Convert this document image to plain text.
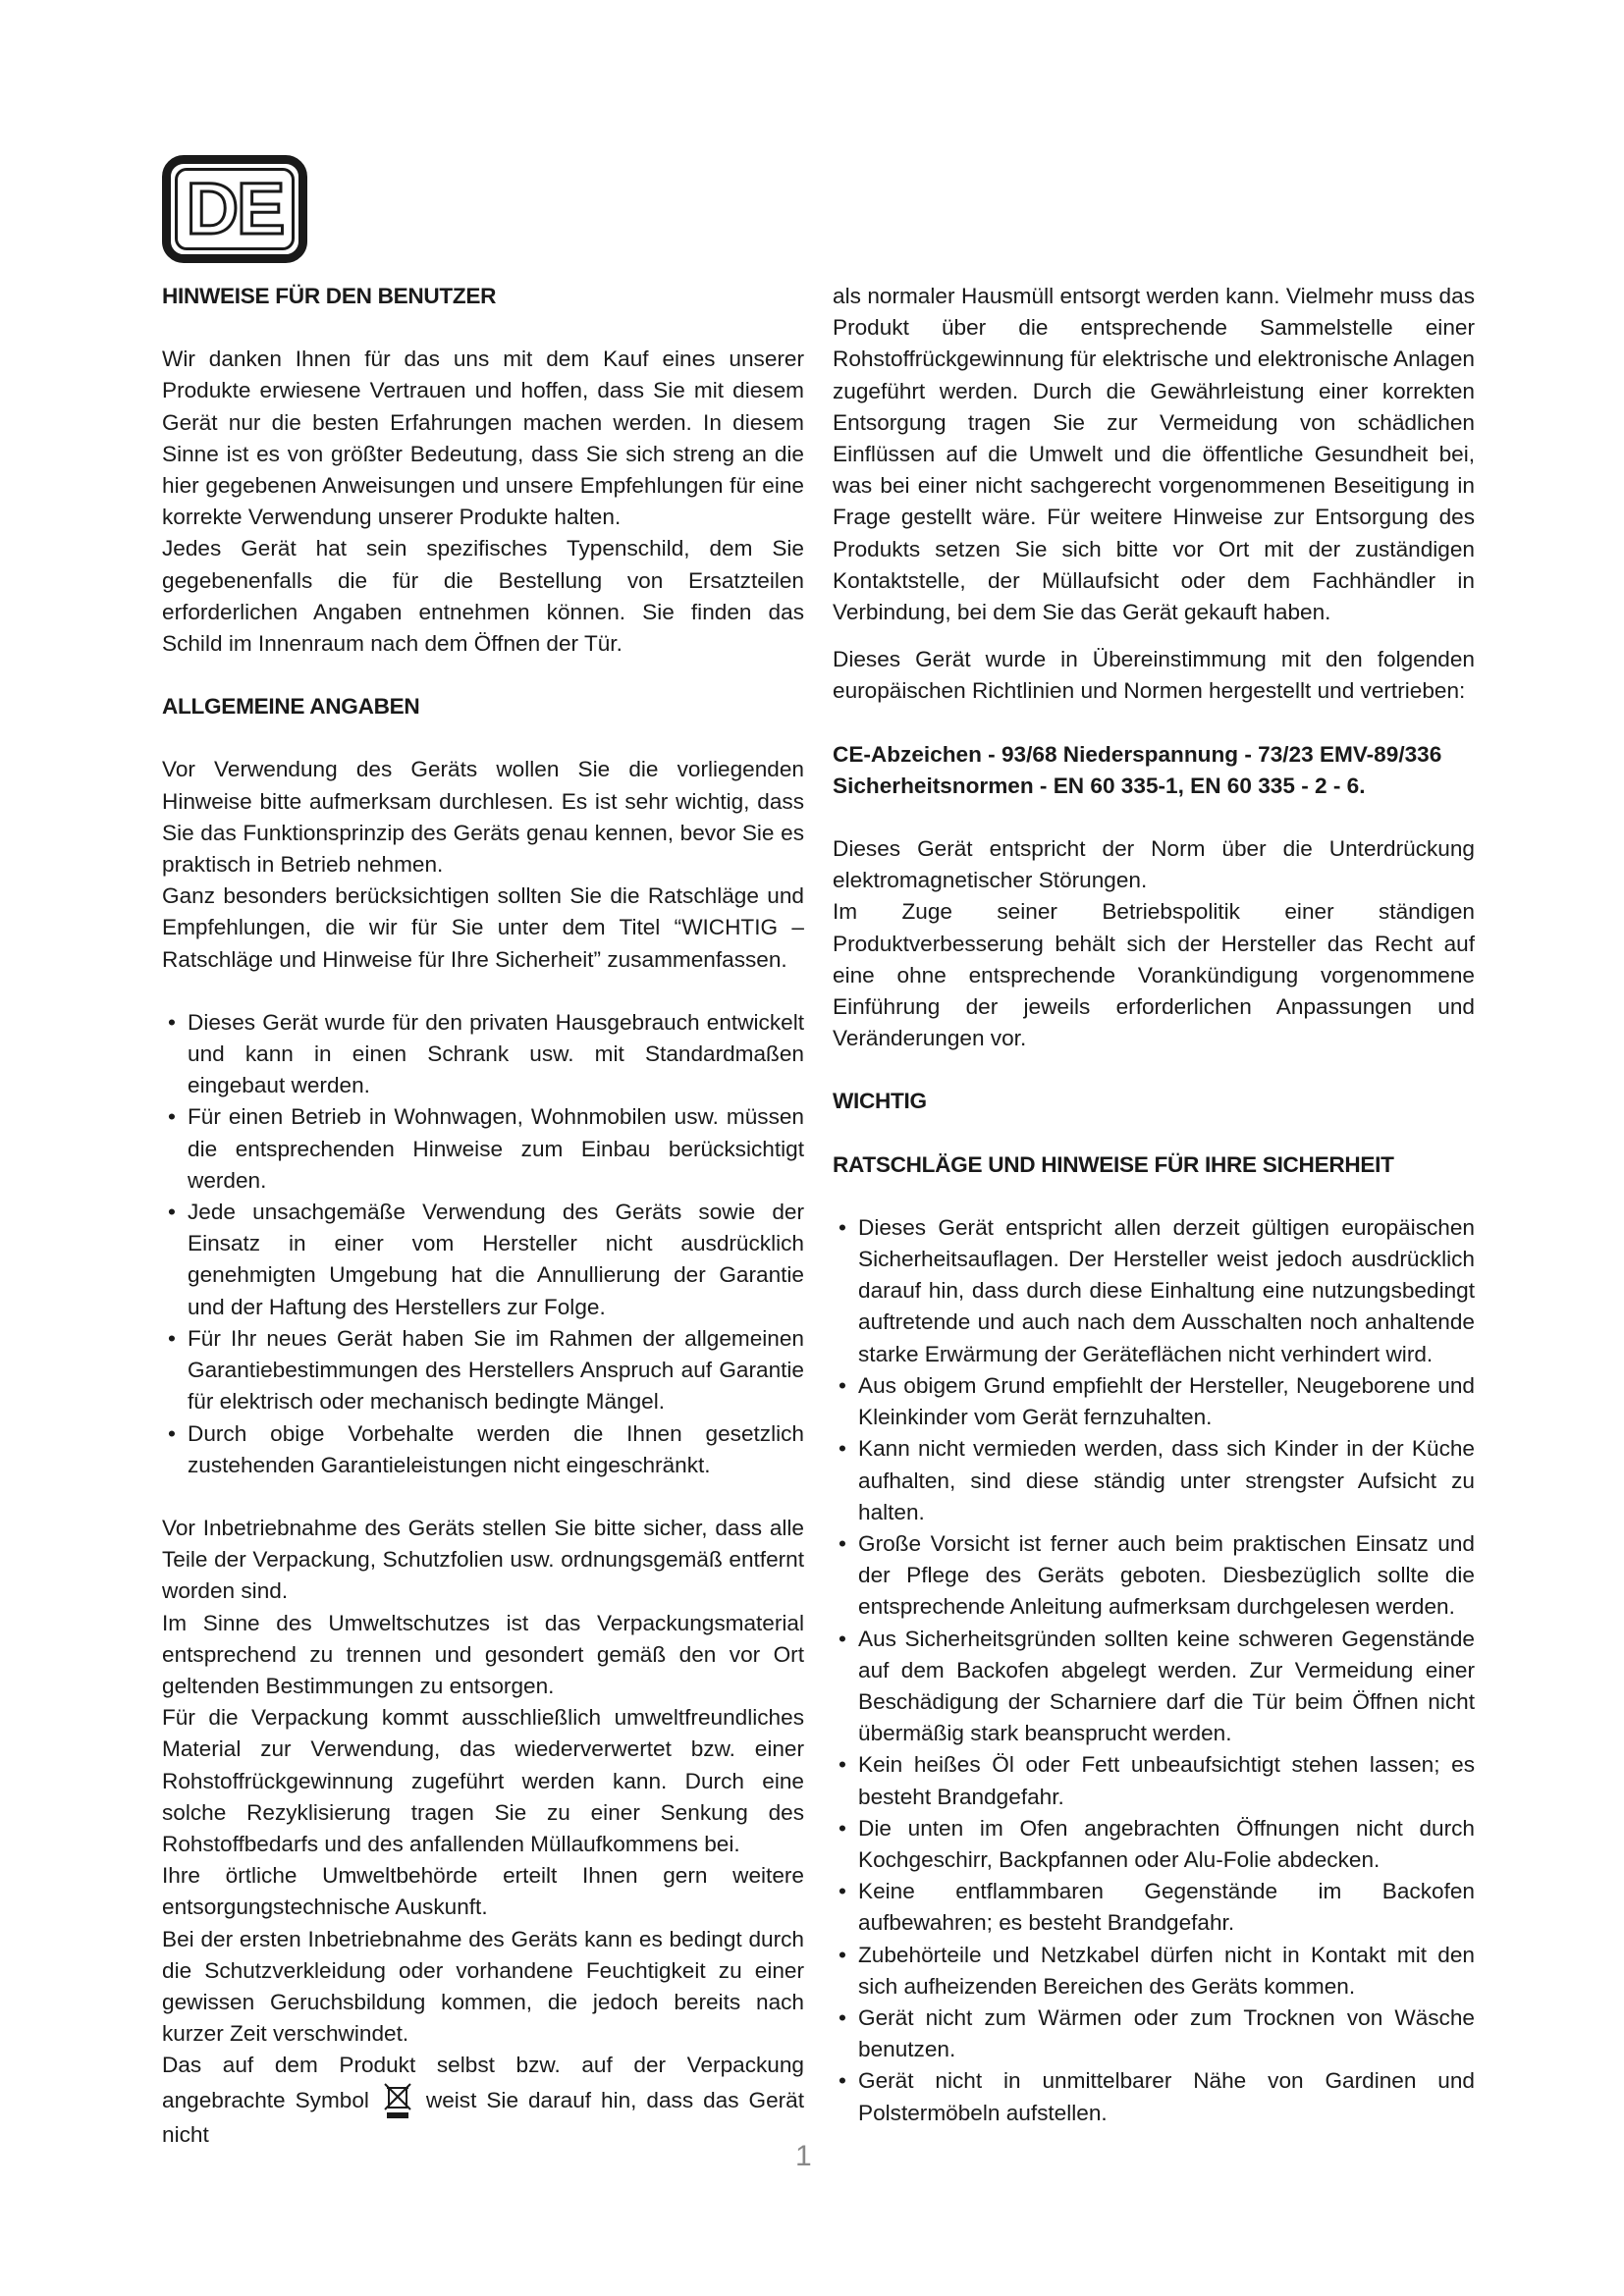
DE
HINWEISE FÜR DEN BENUTZER

Wir danken Ihnen für das uns mit dem Kauf eines unserer Produkte erwiesene Vertrauen und hoffen, dass Sie mit diesem Gerät nur die besten Erfahrungen machen werden. In diesem Sinne ist es von größter Bedeutung, dass Sie sich streng an die hier gegebenen Anweisungen und unsere Empfehlungen für eine korrekte Verwendung unserer Produkte halten.

Jedes Gerät hat sein spezifisches Typenschild, dem Sie gegebenenfalls die für die Bestellung von Ersatzteilen erforderlichen Angaben entnehmen können. Sie finden das Schild im Innenraum nach dem Öffnen der Tür.

ALLGEMEINE ANGABEN

Vor Verwendung des Geräts wollen Sie die vorliegenden Hinweise bitte aufmerksam durchlesen. Es ist sehr wichtig, dass Sie das Funktionsprinzip des Geräts genau kennen, bevor Sie es praktisch in Betrieb nehmen.

Ganz besonders berücksichtigen sollten Sie die Ratschläge und Empfehlungen, die wir für Sie unter dem Titel “WICHTIG – Ratschläge und Hinweise für Ihre Sicherheit” zusammenfassen.

• Dieses Gerät wurde für den privaten Hausgebrauch entwickelt und kann in einen Schrank usw. mit Standardmaßen eingebaut werden.
• Für einen Betrieb in Wohnwagen, Wohnmobilen usw. müssen die entsprechenden Hinweise zum Einbau berücksichtigt werden.
• Jede unsachgemäße Verwendung des Geräts sowie der Einsatz in einer vom Hersteller nicht ausdrücklich genehmigten Umgebung hat die Annullierung der Garantie und der Haftung des Herstellers zur Folge.
• Für Ihr neues Gerät haben Sie im Rahmen der allgemeinen Garantiebestimmungen des Herstellers Anspruch auf Garantie für elektrisch oder mechanisch bedingte Mängel.
• Durch obige Vorbehalte werden die Ihnen gesetzlich zustehenden Garantieleistungen nicht eingeschränkt.

Vor Inbetriebnahme des Geräts stellen Sie bitte sicher, dass alle Teile der Verpackung, Schutzfolien usw. ordnungsgemäß entfernt worden sind.

Im Sinne des Umweltschutzes ist das Verpackungsmaterial entsprechend zu trennen und gesondert gemäß den vor Ort geltenden Bestimmungen zu entsorgen.

Für die Verpackung kommt ausschließlich umweltfreundliches Material zur Verwendung, das wiederverwertet bzw. einer Rohstoffrückgewinnung zugeführt werden kann. Durch eine solche Rezyklisierung tragen Sie zu einer Senkung des Rohstoffbedarfs und des anfallenden Müllaufkommens bei.

Ihre örtliche Umweltbehörde erteilt Ihnen gern weitere entsorgungstechnische Auskunft.

Bei der ersten Inbetriebnahme des Geräts kann es bedingt durch die Schutzverkleidung oder vorhandene Feuchtigkeit zu einer gewissen Geruchsbildung kommen, die jedoch bereits nach kurzer Zeit verschwindet.

Das auf dem Produkt selbst bzw. auf der Verpackung angebrachte Symbol	weist Sie darauf hin, dass das Gerät nicht

als normaler Hausmüll entsorgt werden kann. Vielmehr muss das Produkt über die entsprechende Sammelstelle einer Rohstoffrückgewinnung für elektrische und elektronische Anlagen zugeführt werden. Durch die Gewährleistung einer korrekten Entsorgung tragen Sie zur Vermeidung von schädlichen Einflüssen auf die Umwelt und die öffentliche Gesundheit bei, was bei einer nicht sachgerecht vorgenommenen Beseitigung in Frage gestellt wäre. Für weitere Hinweise zur Entsorgung des Produkts setzen Sie sich bitte vor Ort mit der zuständigen Kontaktstelle, der Müllaufsicht oder dem Fachhändler in Verbindung, bei dem Sie das Gerät gekauft haben.

Dieses Gerät wurde in Übereinstimmung mit den folgenden europäischen Richtlinien und Normen hergestellt und vertrieben:

CE-Abzeichen - 93/68 Niederspannung - 73/23 EMV-89/336

Sicherheitsnormen - EN 60 335-1, EN 60 335 - 2 - 6.

Dieses Gerät entspricht der Norm über die Unterdrückung elektromagnetischer Störungen.

Im Zuge seiner Betriebspolitik einer ständigen Produktverbesserung behält sich der Hersteller das Recht auf eine ohne entsprechende Vorankündigung vorgenommene Einführung der jeweils erforderlichen Anpassungen und Veränderungen vor.

WICHTIG
RATSCHLÄGE UND HINWEISE FÜR IHRE SICHERHEIT
• Dieses Gerät entspricht allen derzeit gültigen europäischen Sicherheitsauflagen. Der Hersteller weist jedoch ausdrücklich darauf hin, dass durch diese Einhaltung eine nutzungsbedingt auftretende und auch nach dem Ausschalten noch anhaltende starke Erwärmung der Geräteflächen nicht verhindert wird.
• Aus obigem Grund empfiehlt der Hersteller, Neugeborene und Kleinkinder vom Gerät fernzuhalten.
• Kann nicht vermieden werden, dass sich Kinder in der Küche aufhalten, sind diese ständig unter strengster Aufsicht zu halten.
• Große Vorsicht ist ferner auch beim praktischen Einsatz und der Pflege des Geräts geboten. Diesbezüglich sollte die entsprechende Anleitung aufmerksam durchgelesen werden.
• Aus Sicherheitsgründen sollten keine schweren Gegenstände auf dem Backofen abgelegt werden. Zur Vermeidung einer Beschädigung der Scharniere darf die Tür beim Öffnen nicht übermäßig stark beansprucht werden.
• Kein heißes Öl oder Fett unbeaufsichtigt stehen lassen; es besteht Brandgefahr.
• Die unten im Ofen angebrachten Öffnungen nicht durch Kochgeschirr, Backpfannen oder Alu-Folie abdecken.
• Keine entflammbaren Gegenstände im Backofen aufbewahren; es besteht Brandgefahr.
• Zubehörteile und Netzkabel dürfen nicht in Kontakt mit den sich aufheizenden Bereichen des Geräts kommen.
• Gerät nicht zum Wärmen oder zum Trocknen von Wäsche benutzen.
• Gerät nicht in unmittelbarer Nähe von Gardinen und Polstermöbeln aufstellen.
1
